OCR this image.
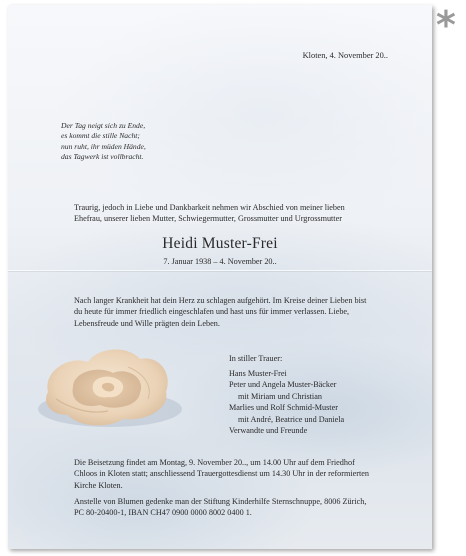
*
Kloten, 4. November 20..
Der Tag neigt sich zu Ende,
es kommt die stille Nacht;
nun ruht, ihr müden Hände,
das Tagwerk ist vollbracht.
Traurig, jedoch in Liebe und Dankbarkeit nehmen wir Abschied von meiner lieben
Ehefrau, unserer lieben Mutter, Schwiegermutter, Grossmutter und Urgrossmutter
Heidi Muster-Frei
7. Januar 1938 – 4. November 20..
Nach langer Krankheit hat dein Herz zu schlagen aufgehört. Im Kreise deiner Lieben bist
du heute für immer friedlich eingeschlafen und hast uns für immer verlassen. Liebe,
Lebensfreude und Wille prägten dein Leben.
In stiller Trauer:
Hans Muster-Frei
Peter und Angela Muster-Bäcker
mit Miriam und Christian
Marlies und Rolf Schmid-Muster
mit André, Beatrice und Daniela
Verwandte und Freunde
Die Beisetzung findet am Montag, 9. November 20.., um 14.00 Uhr auf dem Friedhof
Chloos in Kloten statt; anschliessend Trauergottesdienst um 14.30 Uhr in der reformierten
Kirche Kloten.
Anstelle von Blumen gedenke man der Stiftung Kinderhilfe Sternschnuppe, 8006 Zürich,
PC 80-20400-1, IBAN CH47 0900 0000 8002 0400 1.
